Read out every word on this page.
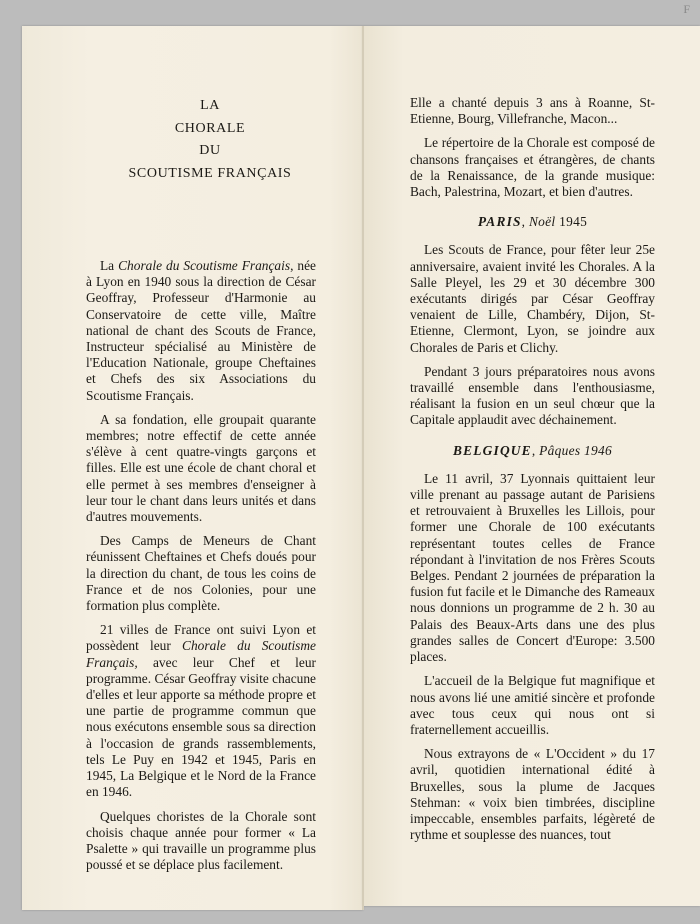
F
LA
CHORALE
DU
SCOUTISME FRANÇAIS

La Chorale du Scoutisme Français, née à Lyon en 1940 sous la direction de César Geoffray, Professeur d'Harmonie au Conservatoire de cette ville, Maître national de chant des Scouts de France, Instructeur spécialisé au Ministère de l'Education Nationale, groupe Cheftaines et Chefs des six Associations du Scoutisme Français.

A sa fondation, elle groupait quarante membres; notre effectif de cette année s'élève à cent quatre-vingts garçons et filles. Elle est une école de chant choral et elle permet à ses membres d'enseigner à leur tour le chant dans leurs unités et dans d'autres mouvements.

Des Camps de Meneurs de Chant réunissent Cheftaines et Chefs doués pour la direction du chant, de tous les coins de France et de nos Colonies, pour une formation plus complète.

21 villes de France ont suivi Lyon et possèdent leur Chorale du Scoutisme Français, avec leur Chef et leur programme. César Geoffray visite chacune d'elles et leur apporte sa méthode propre et une partie de programme commun que nous exécutons ensemble sous sa direction à l'occasion de grands rassemblements, tels Le Puy en 1942 et 1945, Paris en 1945, La Belgique et le Nord de la France en 1946.

Quelques choristes de la Chorale sont choisis chaque année pour former « La Psalette » qui travaille un programme plus poussé et se déplace plus facilement.

Elle a chanté depuis 3 ans à Roanne, St-Etienne, Bourg, Villefranche, Macon...

Le répertoire de la Chorale est composé de chansons françaises et étrangères, de chants de la Renaissance, de la grande musique: Bach, Palestrina, Mozart, et bien d'autres.

PARIS, Noël 1945

Les Scouts de France, pour fêter leur 25e anniversaire, avaient invité les Chorales. A la Salle Pleyel, les 29 et 30 décembre 300 exécutants dirigés par César Geoffray venaient de Lille, Chambéry, Dijon, St-Etienne, Clermont, Lyon, se joindre aux Chorales de Paris et Clichy.

Pendant 3 jours préparatoires nous avons travaillé ensemble dans l'enthousiasme, réalisant la fusion en un seul chœur que la Capitale applaudit avec déchainement.

BELGIQUE, Pâques 1946

Le 11 avril, 37 Lyonnais quittaient leur ville prenant au passage autant de Parisiens et retrouvaient à Bruxelles les Lillois, pour former une Chorale de 100 exécutants représentant toutes celles de France répondant à l'invitation de nos Frères Scouts Belges. Pendant 2 journées de préparation la fusion fut facile et le Dimanche des Rameaux nous donnions un programme de 2 h. 30 au Palais des Beaux-Arts dans une des plus grandes salles de Concert d'Europe: 3.500 places.

L'accueil de la Belgique fut magnifique et nous avons lié une amitié sincère et profonde avec tous ceux qui nous ont si fraternellement accueillis.

Nous extrayons de « L'Occident » du 17 avril, quotidien international édité à Bruxelles, sous la plume de Jacques Stehman: « voix bien timbrées, discipline impeccable, ensembles parfaits, légèreté de rythme et souplesse des nuances, tout
